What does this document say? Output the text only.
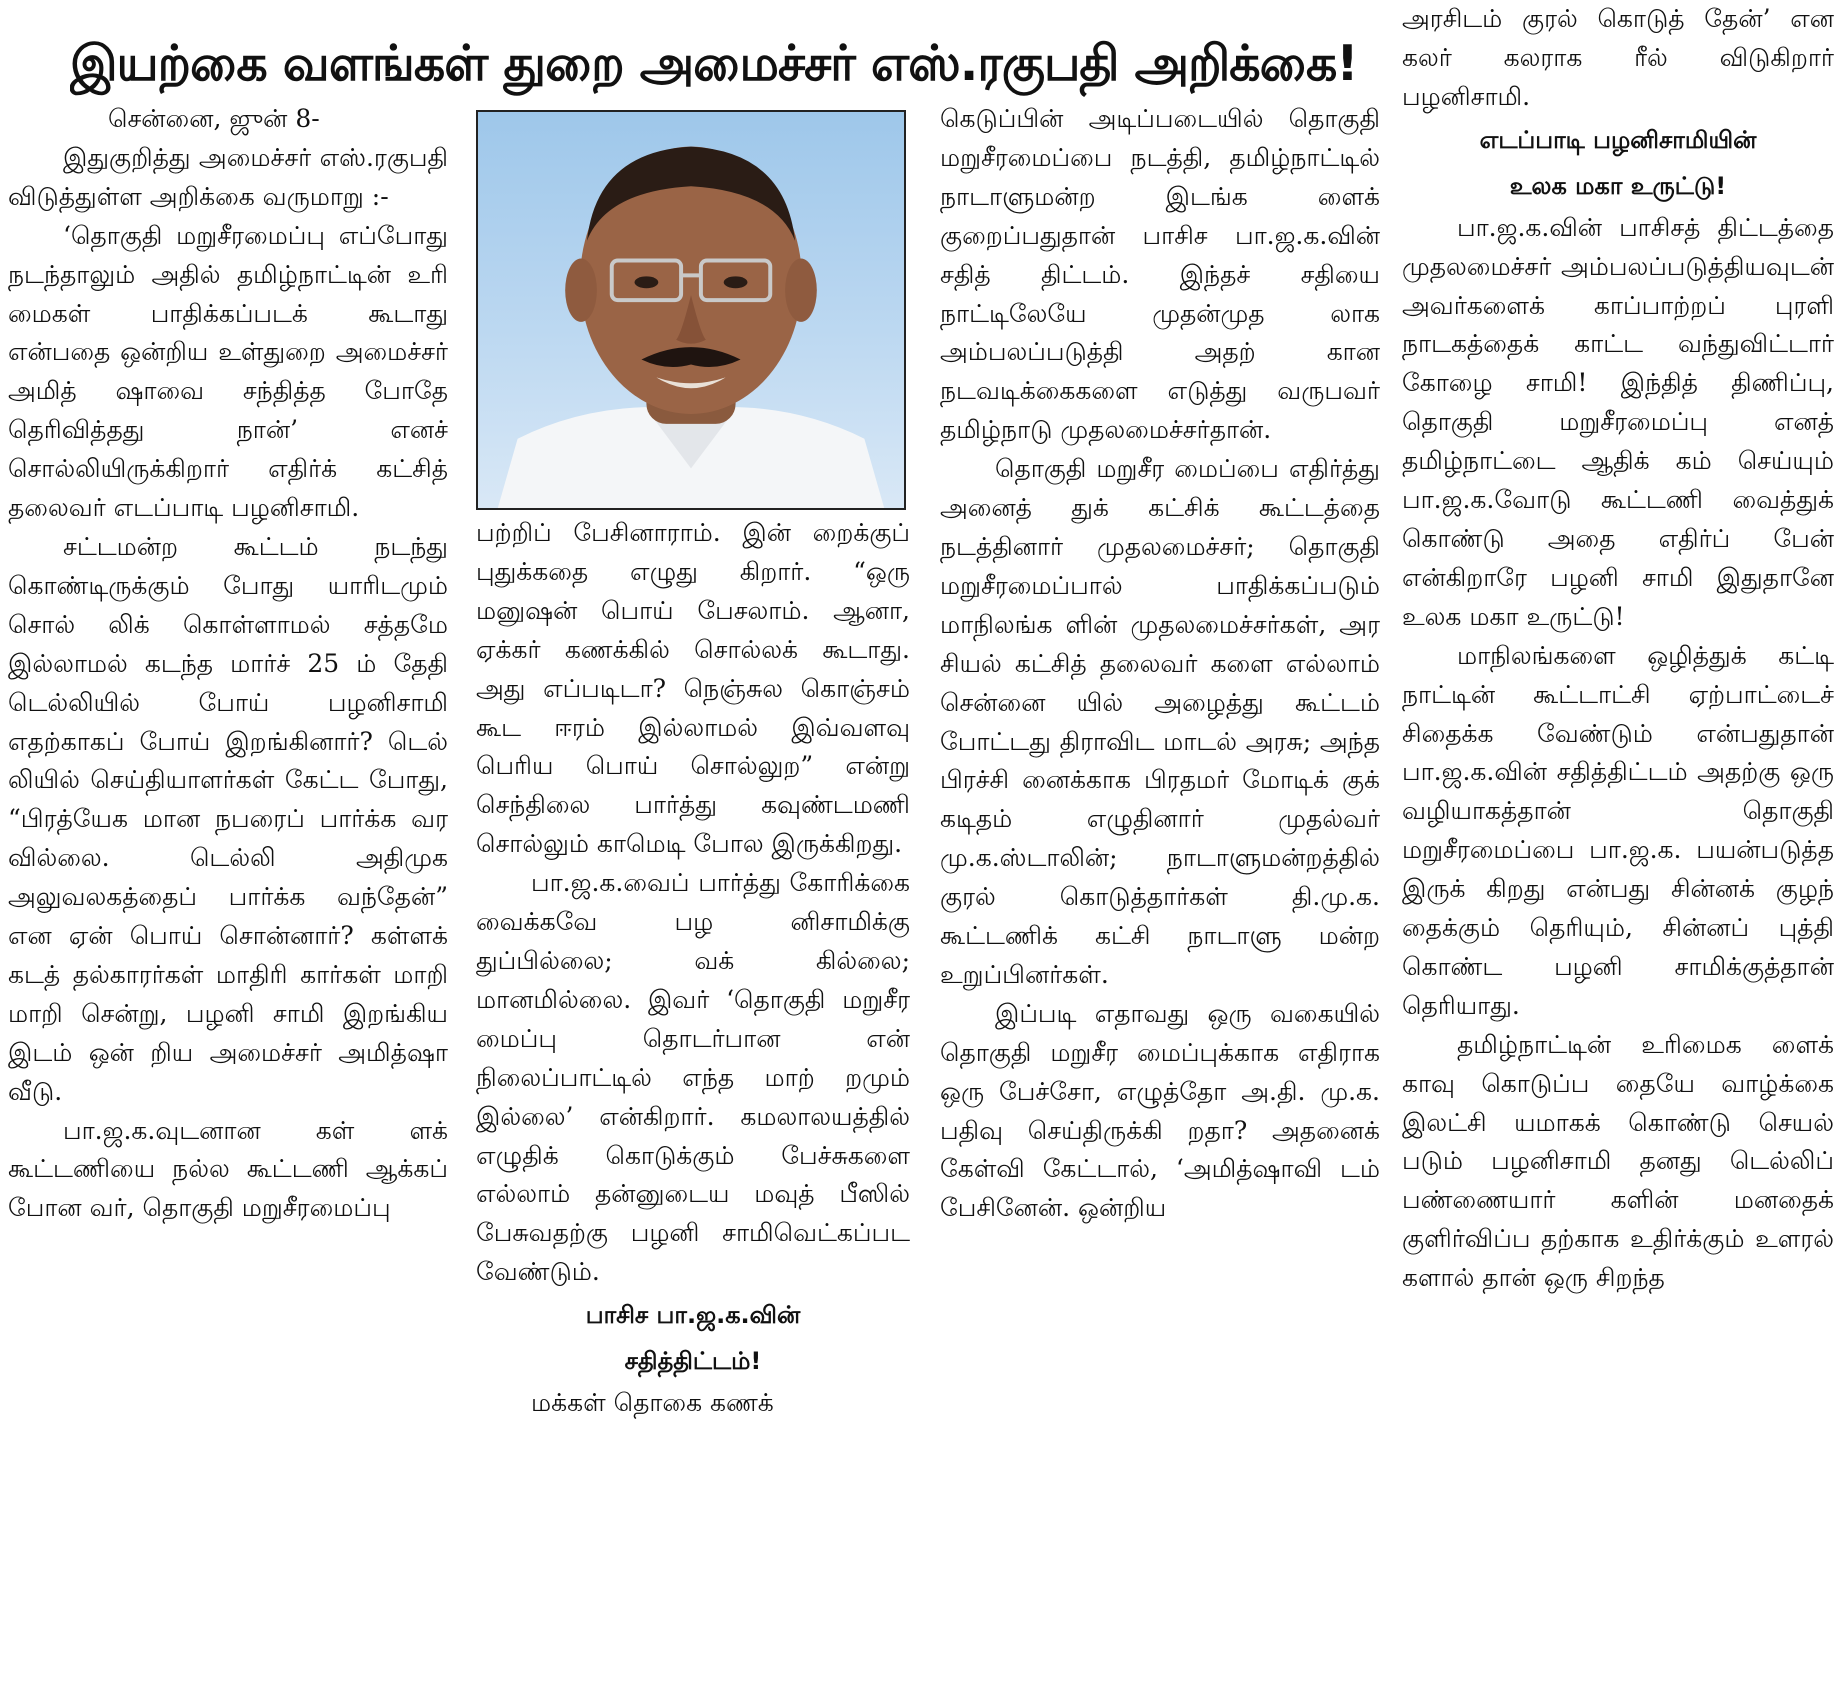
இயற்கை வளங்கள் துறை அமைச்சர் எஸ்.ரகுபதி அறிக்கை!

சென்னை, ஜுன் 8-

இதுகுறித்து அமைச்சர் எஸ்.ரகுபதி விடுத்துள்ள அறிக்கை வருமாறு :-

‘தொகுதி மறுசீரமைப்பு எப்போது நடந்தாலும் அதில் தமிழ்நாட்டின் உரி மைகள் பாதிக்கப்படக் கூடாது என்பதை ஒன்றிய உள்துறை அமைச்சர் அமித் ஷாவை சந்தித்த போதே தெரிவித்தது நான்’ எனச் சொல்லியிருக்கிறார் எதிர்க் கட்சித் தலைவர் எடப்பாடி பழனிசாமி.

சட்டமன்ற கூட்டம் நடந்து கொண்டிருக்கும் போது யாரிடமும் சொல் லிக் கொள்ளாமல் சத்தமே இல்லாமல் கடந்த மார்ச் 25 ம் தேதி டெல்லியில் போய் பழனிசாமி எதற்காகப் போய் இறங்கினார்? டெல் லியில் செய்தியாளர்கள் கேட்ட போது, “பிரத்யேக மான நபரைப் பார்க்க வர வில்லை. டெல்லி அதிமுக அலுவலகத்தைப் பார்க்க வந்தேன்” என ஏன் பொய் சொன்னார்? கள்ளக் கடத் தல்காரர்கள் மாதிரி கார்கள் மாறி மாறி சென்று, பழனி சாமி இறங்கிய இடம் ஒன் றிய அமைச்சர் அமித்ஷா வீடு.

பா.ஜ.க.வுடனான கள் ளக் கூட்டணியை நல்ல கூட்டணி ஆக்கப் போன வர், தொகுதி மறுசீரமைப்பு

பற்றிப் பேசினாராம். இன் றைக்குப் புதுக்கதை எழுது கிறார். “ஒரு மனுஷன் பொய் பேசலாம். ஆனா, ஏக்கர் கணக்கில் சொல்லக் கூடாது. அது எப்படிடா? நெஞ்சுல கொஞ்சம் கூட ஈரம் இல்லாமல் இவ்வளவு பெரிய பொய் சொல்லுற” என்று செந்திலை பார்த்து கவுண்டமணி சொல்லும் காமெடி போல இருக்கிறது.

பா.ஜ.க.வைப் பார்த்து கோரிக்கை வைக்கவே பழ னிசாமிக்கு துப்பில்லை; வக் கில்லை; மானமில்லை. இவர் ‘தொகுதி மறுசீர மைப்பு தொடர்பான என் நிலைப்பாட்டில் எந்த மாற் றமும் இல்லை’ என்கிறார். கமலாலயத்தில் எழுதிக் கொடுக்கும் பேச்சுகளை எல்லாம் தன்னுடைய மவுத் பீஸில் பேசுவதற்கு பழனி சாமிவெட்கப்பட வேண்டும்.

பாசிச பா.ஜ.க.வின்

சதித்திட்டம்!

மக்கள் தொகை கணக்

கெடுப்பின் அடிப்படையில் தொகுதி மறுசீரமைப்பை நடத்தி, தமிழ்நாட்டில் நாடாளுமன்ற இடங்க ளைக் குறைப்பதுதான் பாசிச பா.ஜ.க.வின் சதித் திட்டம். இந்தச் சதியை நாட்டிலேயே முதன்முத லாக அம்பலப்படுத்தி அதற் கான நடவடிக்கைகளை எடுத்து வருபவர் தமிழ்நாடு முதலமைச்சர்தான்.

தொகுதி மறுசீர மைப்பை எதிர்த்து அனைத் துக் கட்சிக் கூட்டத்தை நடத்தினார் முதலமைச்சர்; தொகுதி மறுசீரமைப்பால் பாதிக்கப்படும் மாநிலங்க ளின் முதலமைச்சர்கள், அர சியல் கட்சித் தலைவர் களை எல்லாம் சென்னை யில் அழைத்து கூட்டம் போட்டது திராவிட மாடல் அரசு; அந்த பிரச்சி னைக்காக பிரதமர் மோடிக் குக் கடிதம் எழுதினார் முதல்வர் மு.க.ஸ்டாலின்; நாடாளுமன்றத்தில் குரல் கொடுத்தார்கள் தி.மு.க. கூட்டணிக் கட்சி நாடாளு மன்ற உறுப்பினர்கள்.

இப்படி எதாவது ஒரு வகையில் தொகுதி மறுசீர மைப்புக்காக எதிராக ஒரு பேச்சோ, எழுத்தோ அ.தி. மு.க. பதிவு செய்திருக்கி றதா? அதனைக் கேள்வி கேட்டால், ‘அமித்ஷாவி டம் பேசினேன். ஒன்றிய

அரசிடம் குரல் கொடுத் தேன்’ என கலர் கலராக ரீல் விடுகிறார் பழனிசாமி.

எடப்பாடி பழனிசாமியின்

உலக மகா உருட்டு!

பா.ஜ.க.வின் பாசிசத் திட்டத்தை முதலமைச்சர் அம்பலப்படுத்தியவுடன் அவர்களைக் காப்பாற்றப் புரளி நாடகத்தைக் காட்ட வந்துவிட்டார் கோழை சாமி! இந்தித் திணிப்பு, தொகுதி மறுசீரமைப்பு எனத் தமிழ்நாட்டை ஆதிக் கம் செய்யும் பா.ஜ.க.வோடு கூட்டணி வைத்துக் கொண்டு அதை எதிர்ப் பேன் என்கிறாரே பழனி சாமி இதுதானே உலக மகா உருட்டு!

மாநிலங்களை ஒழித்துக் கட்டி நாட்டின் கூட்டாட்சி ஏற்பாட்டைச் சிதைக்க வேண்டும் என்பதுதான் பா.ஜ.க.வின் சதித்திட்டம் அதற்கு ஒரு வழியாகத்தான் தொகுதி மறுசீரமைப்பை பா.ஜ.க. பயன்படுத்த இருக் கிறது என்பது சின்னக் குழந் தைக்கும் தெரியும், சின்னப் புத்தி கொண்ட பழனி சாமிக்குத்தான் தெரியாது.

தமிழ்நாட்டின் உரிமைக ளைக் காவு கொடுப்ப தையே வாழ்க்கை இலட்சி யமாகக் கொண்டு செயல் படும் பழனிசாமி தனது டெல்லிப் பண்ணையார் களின் மனதைக் குளிர்விப்ப தற்காக உதிர்க்கும் உளரல் களால் தான் ஒரு சிறந்த
